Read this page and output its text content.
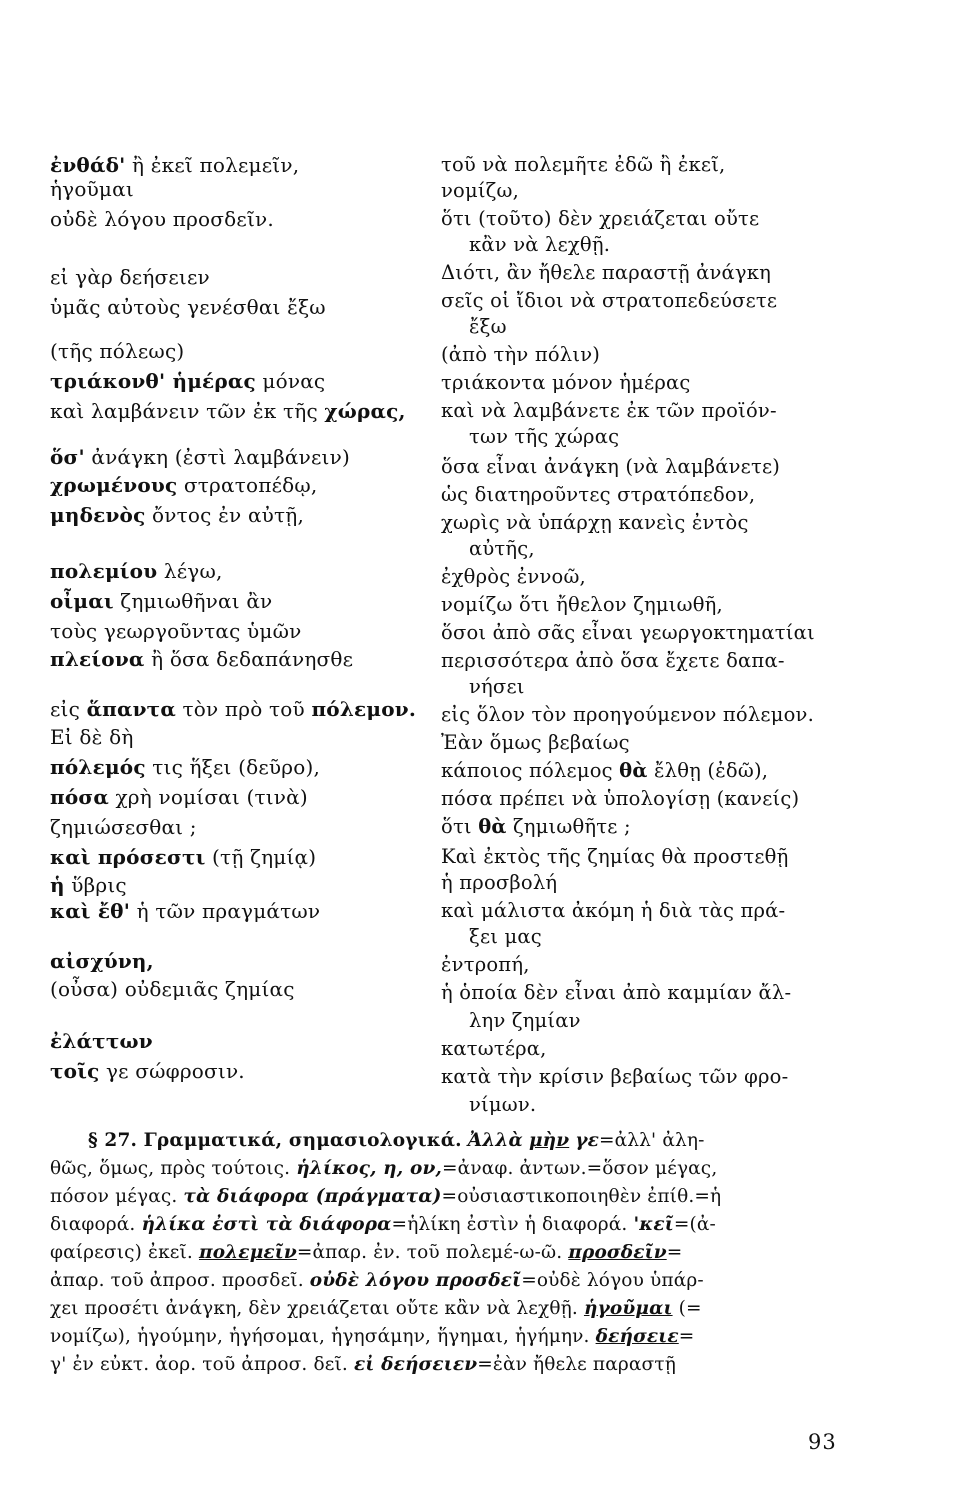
ἐνθάδ' ἢ ἐκεῖ πολεμεῖν,
ἡγοῦμαι
οὐδὲ λόγου προσδεῖν.
εἰ γὰρ δεήσειεν
ὑμᾶς αὐτοὺς γενέσθαι ἔξω
(τῆς πόλεως)
τριάκονθ' ἡμέρας μόνας
καὶ λαμβάνειν τῶν ἐκ τῆς χώρας,
ὅσ' ἀνάγκη (ἐστὶ λαμβάνειν)
χρωμένους στρατοπέδῳ,
μηδενὸς ὄντος ἐν αὐτῇ,
πολεμίου λέγω,
οἶμαι ζημιωθῆναι ἂν
τοὺς γεωργοῦντας ὑμῶν
πλείονα ἢ ὅσα δεδαπάνησθε
εἰς ἅπαντα τὸν πρὸ τοῦ πόλεμον.
Εἰ δὲ δὴ
πόλεμός τις ἥξει (δεῦρο),
πόσα χρὴ νομίσαι (τινὰ)
ζημιώσεσθαι ;
καὶ πρόσεστι (τῇ ζημίᾳ)
ἡ ὕβρις
καὶ ἔθ' ἡ τῶν πραγμάτων
αἰσχύνη,
(οὖσα) οὐδεμιᾶς ζημίας
ἐλάττων
τοῖς γε σώφροσιν.
τοῦ νὰ πολεμῆτε ἐδῶ ἢ ἐκεῖ,
νομίζω,
ὅτι (τοῦτο) δὲν χρειάζεται οὔτε
κἂν νὰ λεχθῇ.
Διότι, ἂν ἤθελε παραστῇ ἀνάγκη
σεῖς οἱ ἴδιοι νὰ στρατοπεδεύσετε
ἔξω
(ἀπὸ τὴν πόλιν)
τριάκοντα μόνον ἡμέρας
καὶ νὰ λαμβάνετε ἐκ τῶν προϊόν-
των τῆς χώρας
ὅσα εἶναι ἀνάγκη (νὰ λαμβάνετε)
ὡς διατηροῦντες στρατόπεδον,
χωρὶς νὰ ὑπάρχῃ κανεὶς ἐντὸς
αὐτῆς,
ἐχθρὸς ἐννοῶ,
νομίζω ὅτι ἤθελον ζημιωθῆ,
ὅσοι ἀπὸ σᾶς εἶναι γεωργοκτηματίαι
περισσότερα ἀπὸ ὅσα ἔχετε δαπα-
νήσει
εἰς ὅλον τὸν προηγούμενον πόλεμον.
Ἐὰν ὅμως βεβαίως
κάποιος πόλεμος θὰ ἔλθῃ (ἐδῶ),
πόσα πρέπει νὰ ὑπολογίσῃ (κανείς)
ὅτι θὰ ζημιωθῆτε ;
Καὶ ἐκτὸς τῆς ζημίας θὰ προστεθῇ
ἡ προσβολή
καὶ μάλιστα ἀκόμη ἡ διὰ τὰς πρά-
ξει μας
ἐντροπή,
ἡ ὁποία δὲν εἶναι ἀπὸ καμμίαν ἄλ-
λην ζημίαν
κατωτέρα,
κατὰ τὴν κρίσιν βεβαίως τῶν φρο-
νίμων.
§ 27. Γραμματικά, σημασιολογικά. Ἀλλὰ μὴν γε=ἀλλ' ἀλη-
θῶς, ὅμως, πρὸς τούτοις. ἡλίκος, η, ον,=ἀναφ. ἀντων.=ὅσον μέγας,
πόσον μέγας. τὰ διάφορα (πράγματα)=οὐσιαστικοποιηθὲν ἐπίθ.=ἡ
διαφορά. ἡλίκα ἐστὶ τὰ διάφορα=ἡλίκη ἐστὶν ἡ διαφορά. 'κεῖ=(ἀ-
φαίρεσις) ἐκεῖ. πολεμεῖν=ἀπαρ. ἐν. τοῦ πολεμέ-ω-ῶ. προσδεῖν=
ἀπαρ. τοῦ ἀπροσ. προσδεῖ. οὐδὲ λόγου προσδεῖ=οὐδὲ λόγου ὑπάρ-
χει προσέτι ἀνάγκη, δὲν χρειάζεται οὔτε κἂν νὰ λεχθῇ. ἡγοῦμαι (=
νομίζω), ἡγούμην, ἡγήσομαι, ἡγησάμην, ἥγημαι, ἡγήμην. δεήσειε=
γ' ἐν εὐκτ. ἀορ. τοῦ ἀπροσ. δεῖ. εἰ δεήσειεν=ἐὰν ἤθελε παραστῇ
93
